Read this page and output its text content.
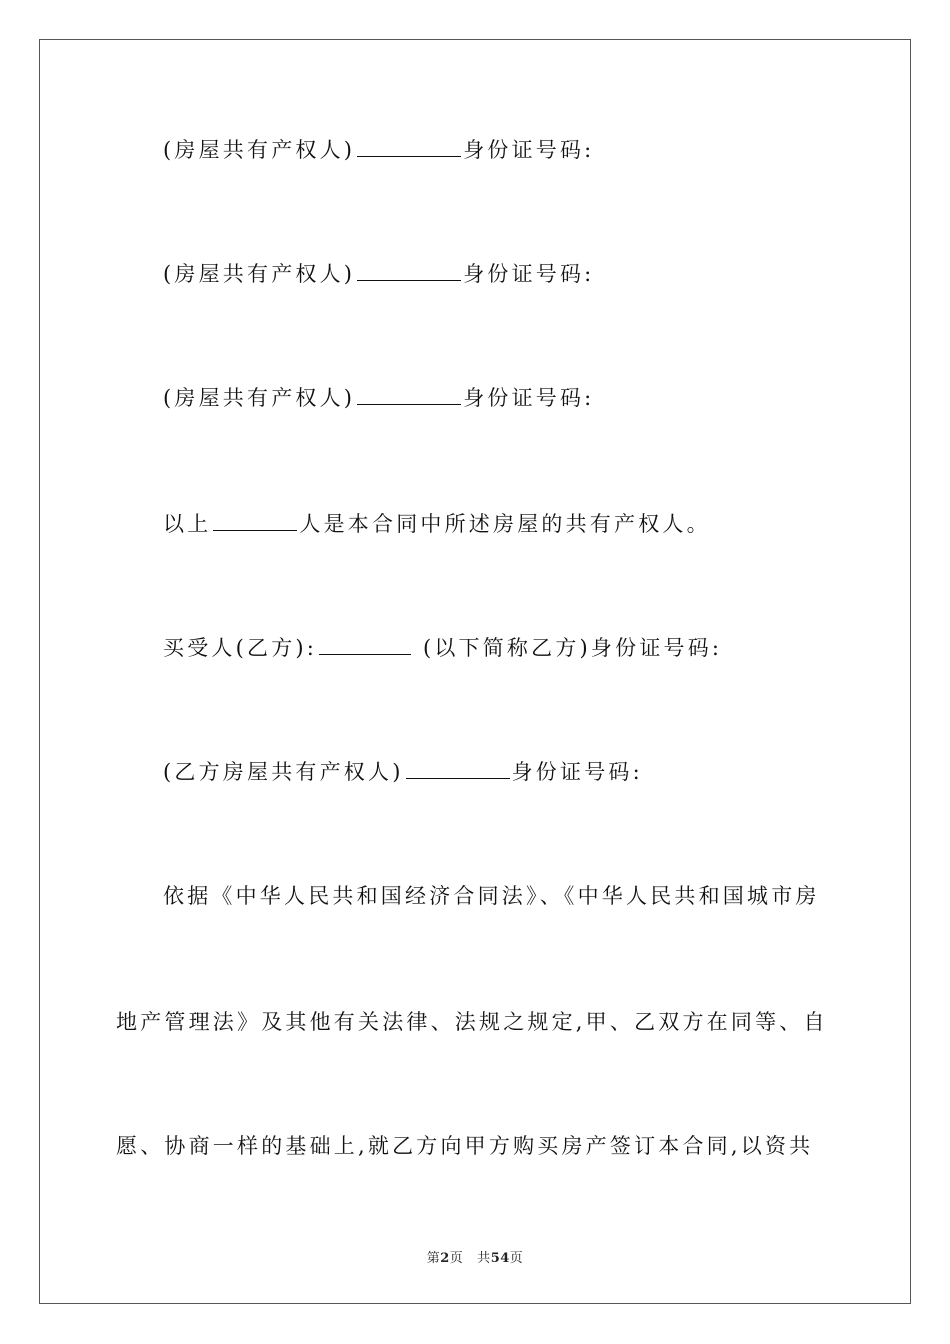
(房屋共有产权人)	身份证号码:
(房屋共有产权人)	身份证号码:
(房屋共有产权人)	身份证号码:
以上	人是本合同中所述房屋的共有产权人。
买受人(乙方):	(以下简称乙方)身份证号码:
(乙方房屋共有产权人)	身份证号码:
依据《中华人民共和国经济合同法》、《中华人民共和国城市房
地产管理法》及其他有关法律、法规之规定,甲、乙双方在同等、自
愿、协商一样的基础上,就乙方向甲方购买房产签订本合同,以资共
第2页 共54页
